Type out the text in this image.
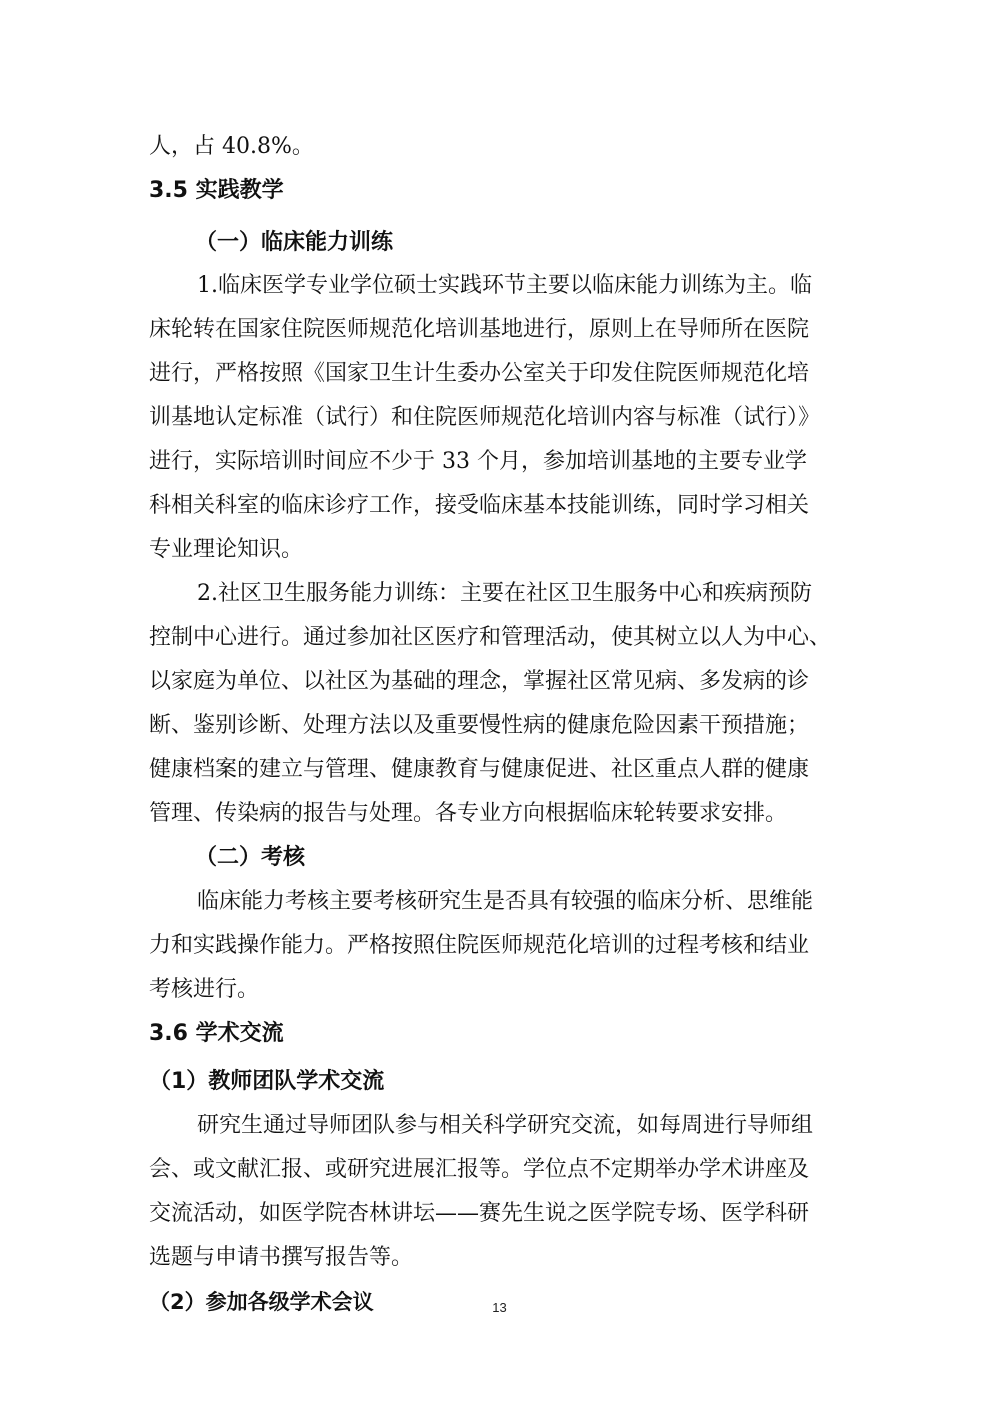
人，占 40.8%。
3.5 实践教学
（一）临床能力训练
1.临床医学专业学位硕士实践环节主要以临床能力训练为主。临
床轮转在国家住院医师规范化培训基地进行，原则上在导师所在医院
进行，严格按照《国家卫生计生委办公室关于印发住院医师规范化培
训基地认定标准（试行）和住院医师规范化培训内容与标准（试行）》
进行，实际培训时间应不少于 33 个月，参加培训基地的主要专业学
科相关科室的临床诊疗工作，接受临床基本技能训练，同时学习相关
专业理论知识。
2.社区卫生服务能力训练：主要在社区卫生服务中心和疾病预防
控制中心进行。通过参加社区医疗和管理活动，使其树立以人为中心、
以家庭为单位、以社区为基础的理念，掌握社区常见病、多发病的诊
断、鉴别诊断、处理方法以及重要慢性病的健康危险因素干预措施；
健康档案的建立与管理、健康教育与健康促进、社区重点人群的健康
管理、传染病的报告与处理。各专业方向根据临床轮转要求安排。
（二）考核
临床能力考核主要考核研究生是否具有较强的临床分析、思维能
力和实践操作能力。严格按照住院医师规范化培训的过程考核和结业
考核进行。
3.6 学术交流
（1）教师团队学术交流
研究生通过导师团队参与相关科学研究交流，如每周进行导师组
会、或文献汇报、或研究进展汇报等。学位点不定期举办学术讲座及
交流活动，如医学院杏林讲坛——赛先生说之医学院专场、医学科研
选题与申请书撰写报告等。
（2）参加各级学术会议	13
